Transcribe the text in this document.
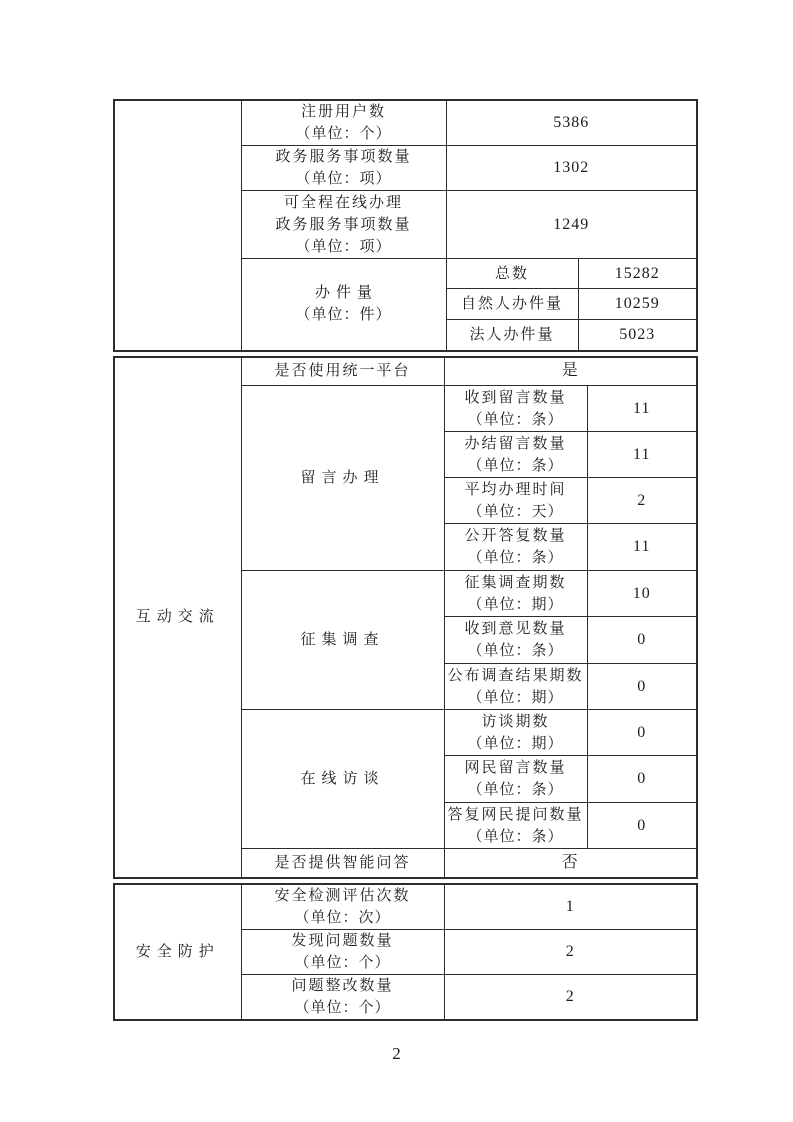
	注册用户数
（单位：个）	5386	

	政务服务事项数量
（单位：项）	1302	

	可全程在线办理
政务服务事项数量
（单位：项）	1249	

	办件量
（单位：件）	总数	15282
		自然人办件量	10259
		法人办件量	5023
互动交流	是否使用统一平台	是	
	留言办理	收到留言数量
（单位：条）	11

		办结留言数量
（单位：条）	11

		平均办理时间
（单位：天）	2

		公开答复数量
（单位：条）	11
	征集调查	征集调查期数
（单位：期）	10

		收到意见数量
（单位：条）	0

		公布调查结果期数
（单位：期）	0
	在线访谈	访谈期数
（单位：期）	0

		网民留言数量
（单位：条）	0

		答复网民提问数量
（单位：条）	0
	是否提供智能问答	否	
安全防护	安全检测评估次数
（单位：次）	1

	发现问题数量
（单位：个）	2

	问题整改数量
（单位：个）	2
2
